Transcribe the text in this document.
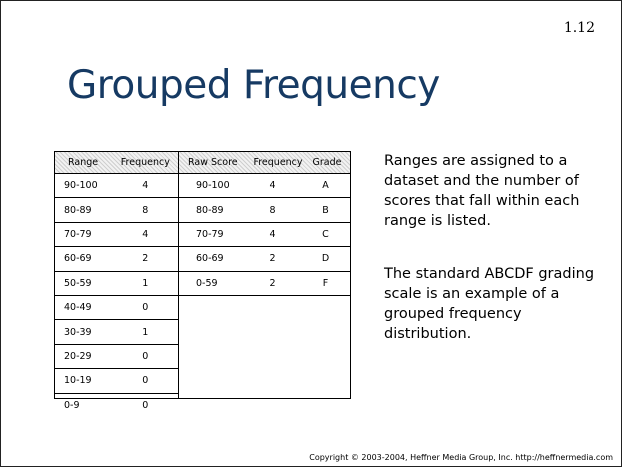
1.12
Grouped Frequency
Range	Frequency
90-100	4
80-89	8
70-79	4
60-69	2
50-59	1
40-49	0
30-39	1
20-29	0
10-19	0
0-9	0
Raw Score	Frequency	Grade
90-100	4	A
80-89	8	B
70-79	4	C
60-69	2	D
0-59	2	F

Ranges are assigned to a dataset and the number of scores that fall within each range is listed.

The standard ABCDF grading scale is an example of a grouped frequency distribution.

Copyright © 2003-2004, Heffner Media Group, Inc. http://heffnermedia.com
